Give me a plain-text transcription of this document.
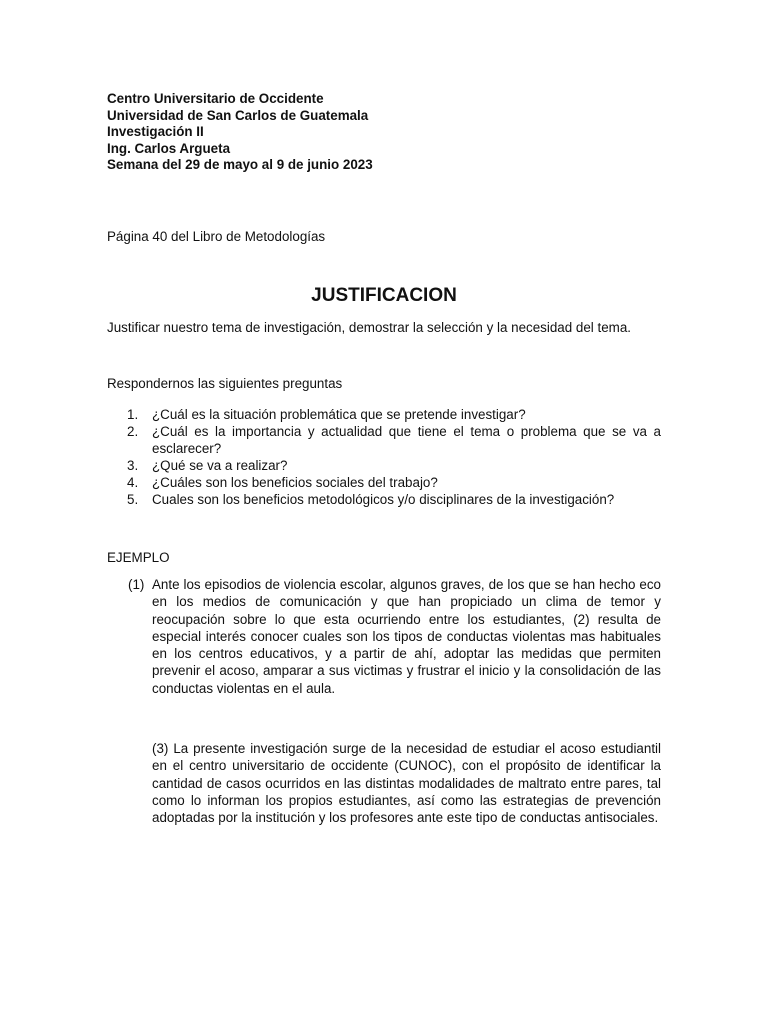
Centro Universitario de Occidente
Universidad de San Carlos de Guatemala
Investigación II
Ing. Carlos Argueta
Semana del 29 de mayo al 9 de junio 2023
Página 40 del Libro de Metodologías
JUSTIFICACION
Justificar nuestro tema de investigación, demostrar la selección y la necesidad del tema.
Respondernos las siguientes preguntas
1.	¿Cuál es la situación problemática que se pretende investigar?
2.	¿Cuál es la importancia y actualidad que tiene el tema o problema que se va a esclarecer?
3.	¿Qué se va a realizar?
4.	¿Cuáles son los beneficios sociales del trabajo?
5.	Cuales son los beneficios metodológicos y/o disciplinares de la investigación?
EJEMPLO
(1) Ante los episodios de violencia escolar, algunos graves, de los que se han hecho eco en los medios de comunicación y que han propiciado un clima de temor y reocupación sobre lo que esta ocurriendo entre los estudiantes, (2) resulta de especial interés conocer cuales son los tipos de conductas violentas mas habituales en los centros educativos, y a partir de ahí, adoptar las medidas que permiten prevenir el acoso, amparar a sus victimas y frustrar el inicio y la consolidación de las conductas violentas en el aula.
(3) La presente investigación surge de la necesidad de estudiar el acoso estudiantil en el centro universitario de occidente (CUNOC), con el propósito de identificar la cantidad de casos ocurridos en las distintas modalidades de maltrato entre pares, tal como lo informan los propios estudiantes, así como las estrategias de prevención adoptadas por la institución y los profesores ante este tipo de conductas antisociales.
